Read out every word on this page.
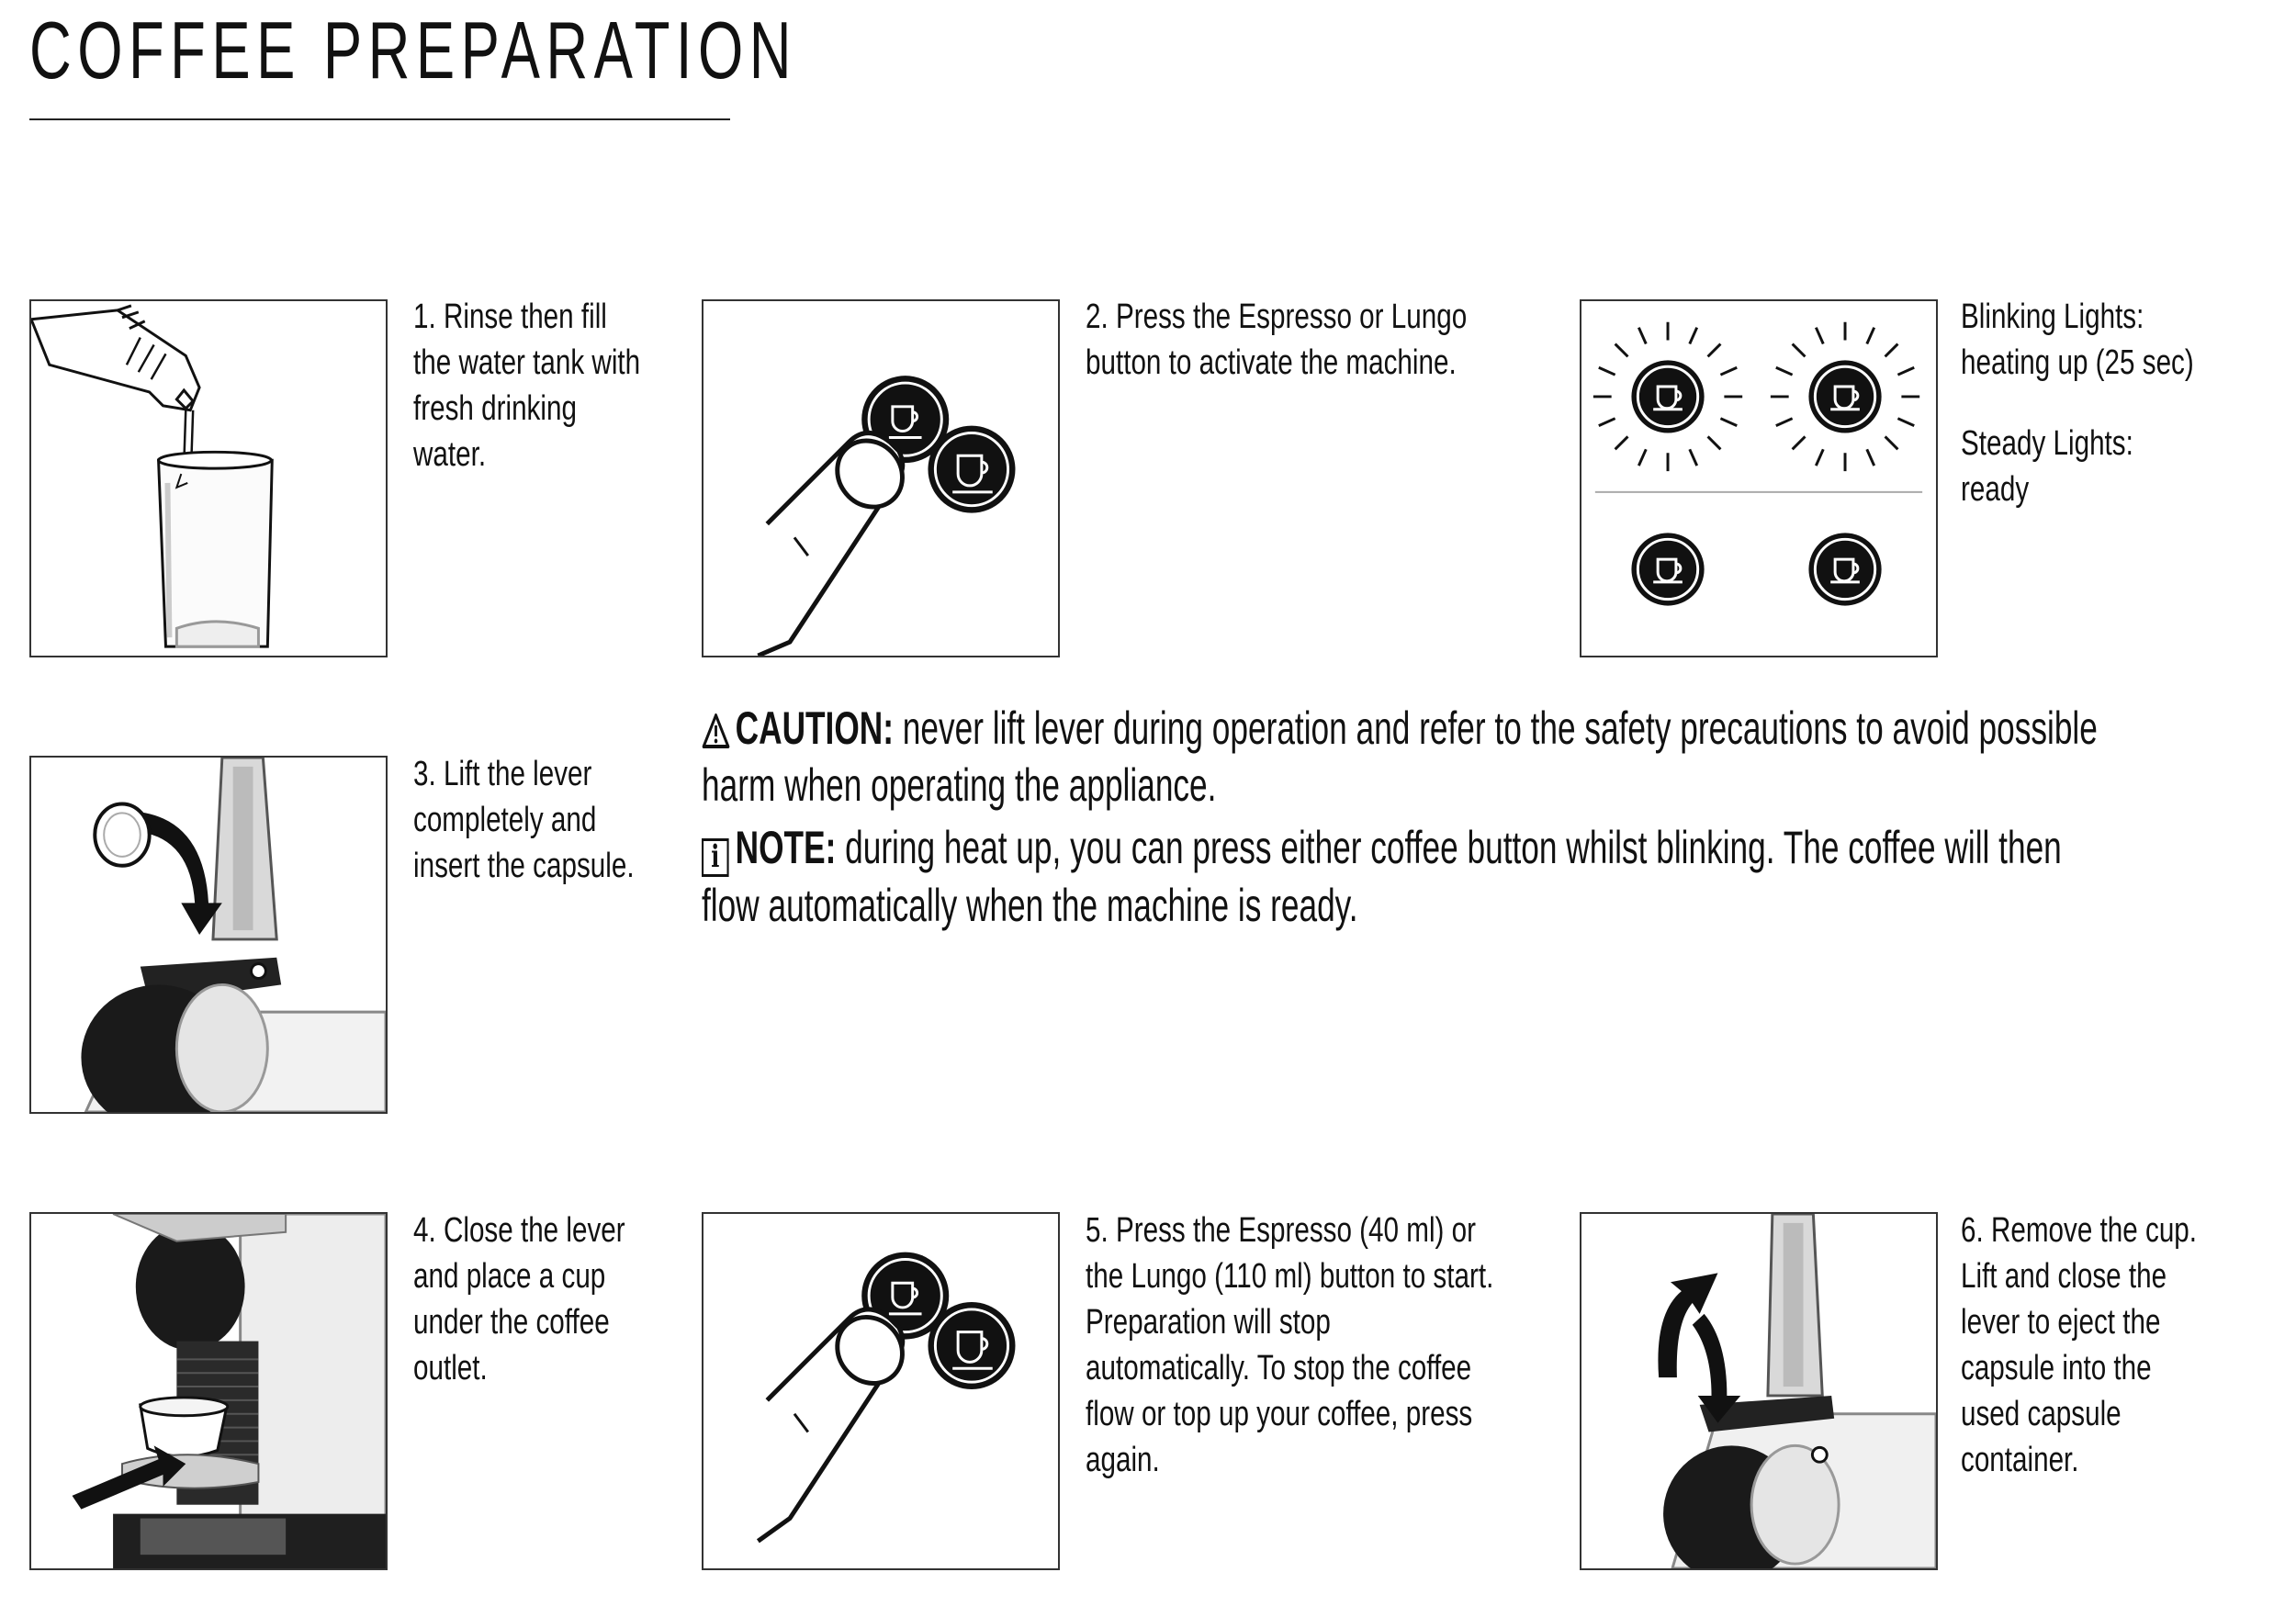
COFFEE PREPARATION
1. Rinse then fill the water tank with fresh drinking water.
2. Press the Espresso or Lungo button to activate the machine.

Blinking Lights: heating up (25 sec)

Steady Lights: ready

3. Lift the lever completely and insert the capsule.

CAUTION: never lift lever during operation and refer to the safety precautions to avoid possible harm when operating the appliance.

i NOTE: during heat up, you can press either coffee button whilst blinking. The coffee will then flow automatically when the machine is ready.

4. Close the lever and place a cup under the coffee outlet.
5. Press the Espresso (40 ml) or the Lungo (110 ml) button to start. Preparation will stop automatically. To stop the coffee flow or top up your coffee, press again.
6. Remove the cup. Lift and close the lever to eject the capsule into the used capsule container.
